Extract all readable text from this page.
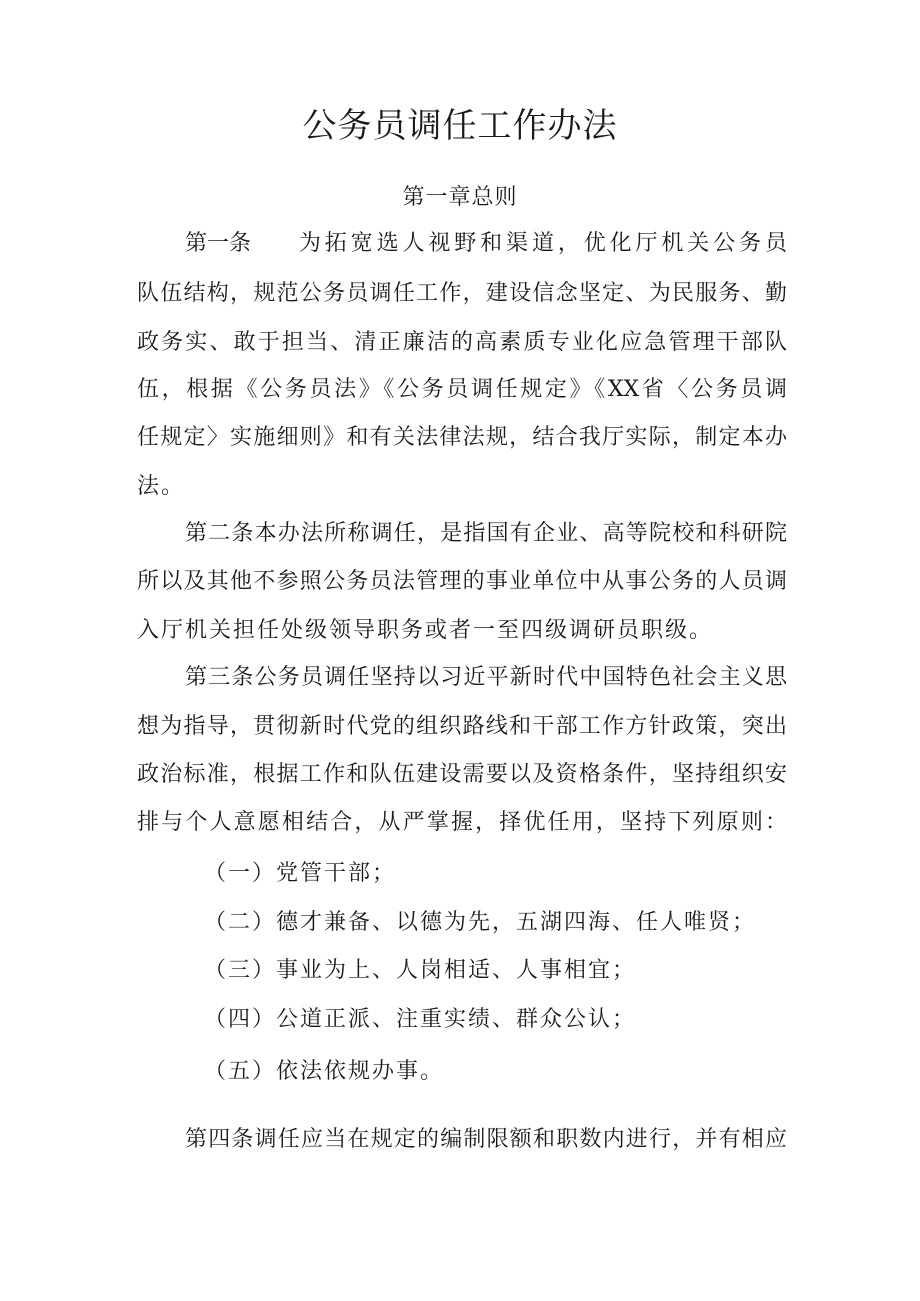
公务员调任工作办法
第一章总则
第一条 为拓宽选人视野和渠道，优化厅机关公务员
队伍结构，规范公务员调任工作，建设信念坚定、为民服务、勤
政务实、敢于担当、清正廉洁的高素质专业化应急管理干部队
伍，根据《公务员法》《公务员调任规定》《XX省〈公务员调
任规定〉实施细则》和有关法律法规，结合我厅实际，制定本办
法。
第二条本办法所称调任，是指国有企业、高等院校和科研院
所以及其他不参照公务员法管理的事业单位中从事公务的人员调
入厅机关担任处级领导职务或者一至四级调研员职级。
第三条公务员调任坚持以习近平新时代中国特色社会主义思
想为指导，贯彻新时代党的组织路线和干部工作方针政策，突出
政治标准，根据工作和队伍建设需要以及资格条件，坚持组织安
排与个人意愿相结合，从严掌握，择优任用，坚持下列原则：
（一）党管干部；
（二）德才兼备、以德为先，五湖四海、任人唯贤；
（三）事业为上、人岗相适、人事相宜；
（四）公道正派、注重实绩、群众公认；
（五）依法依规办事。
第四条调任应当在规定的编制限额和职数内进行，并有相应
